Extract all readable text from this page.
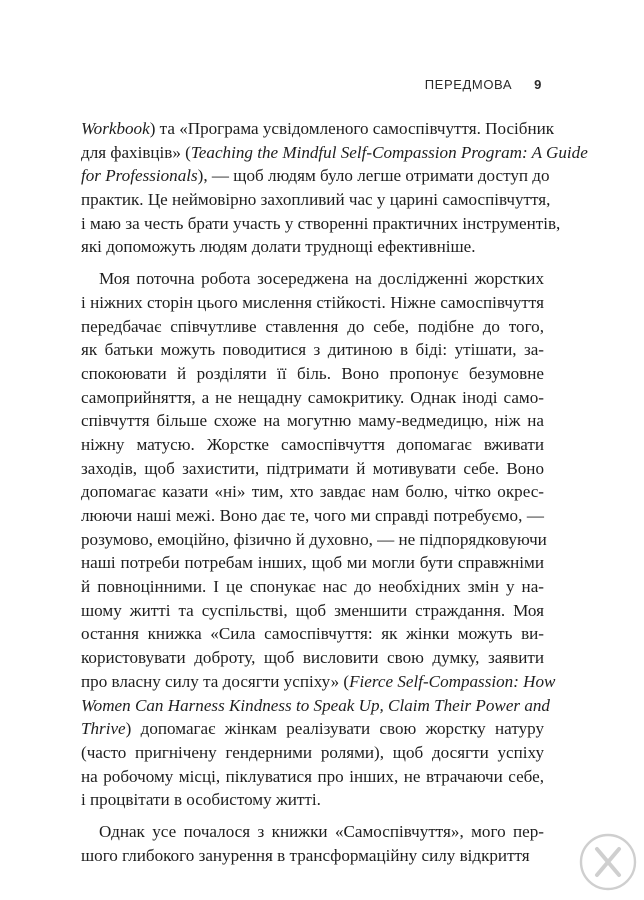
ПЕРЕДМОВА 9
Workbook) та «Програма усвідомленого самоспівчуття. Посібник
для фахівців» (Teaching the Mindful Self-Compassion Program: A Guide
for Professionals), — щоб людям було легше отримати доступ до
практик. Це неймовірно захопливий час у царині самоспівчуття,
і маю за честь брати участь у створенні практичних інструментів,
які допоможуть людям долати труднощі ефективніше.
Моя поточна робота зосереджена на дослідженні жорстких
і ніжних сторін цього мислення стійкості. Ніжне самоспівчуття
передбачає співчутливе ставлення до себе, подібне до того,
як батьки можуть поводитися з дитиною в біді: утішати, за-
спокоювати й розділяти її біль. Воно пропонує безумовне
самоприйняття, а не нещадну самокритику. Однак іноді само-
співчуття більше схоже на могутню маму-ведмедицю, ніж на
ніжну матусю. Жорстке самоспівчуття допомагає вживати
заходів, щоб захистити, підтримати й мотивувати себе. Воно
допомагає казати «ні» тим, хто завдає нам болю, чітко окрес-
люючи наші межі. Воно дає те, чого ми справді потребуємо, —
розумово, емоційно, фізично й духовно, — не підпорядковуючи
наші потреби потребам інших, щоб ми могли бути справжніми
й повноцінними. І це спонукає нас до необхідних змін у на-
шому житті та суспільстві, щоб зменшити страждання. Моя
остання книжка «Сила самоспівчуття: як жінки можуть ви-
користовувати доброту, щоб висловити свою думку, заявити
про власну силу та досягти успіху» (Fierce Self-Compassion: How
Women Can Harness Kindness to Speak Up, Claim Their Power and
Thrive) допомагає жінкам реалізувати свою жорстку натуру
(часто пригнічену гендерними ролями), щоб досягти успіху
на робочому місці, піклуватися про інших, не втрачаючи себе,
і процвітати в особистому житті.
Однак усе почалося з книжки «Самоспівчуття», мого пер-
шого глибокого занурення в трансформаційну силу відкриття
